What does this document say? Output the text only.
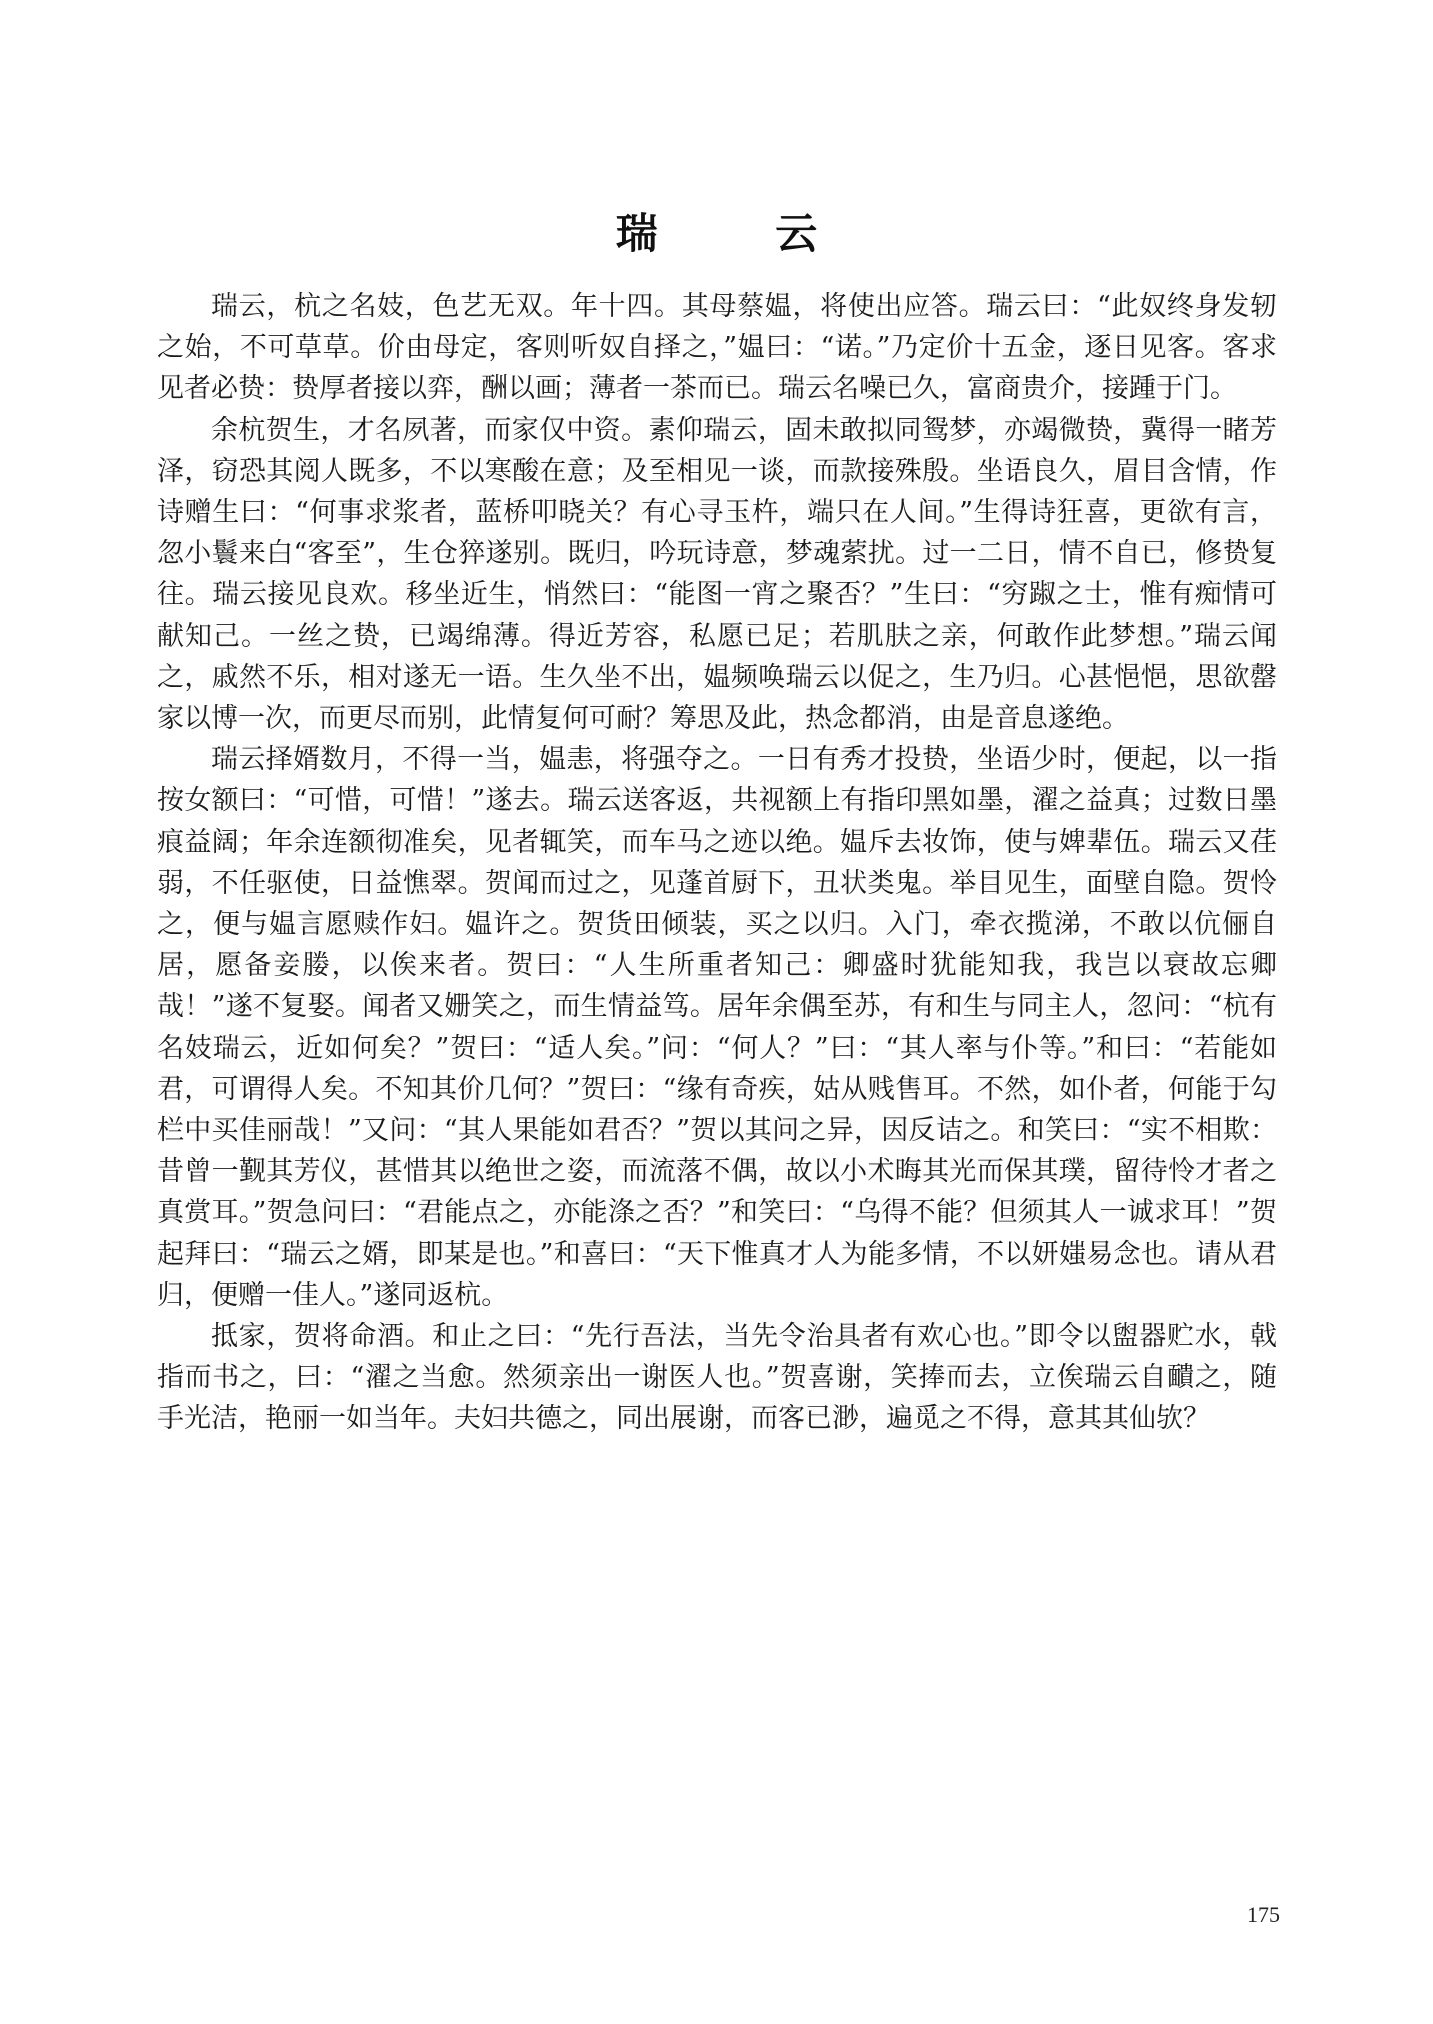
瑞　云

瑞云，杭之名妓，色艺无双。年十四。其母蔡媪，将使出应答。瑞云曰：“此奴终身发轫之始，不可草草。价由母定，客则听奴自择之，”媪曰：“诺。”乃定价十五金，逐日见客。客求见者必贽：贽厚者接以弈，酬以画；薄者一茶而已。瑞云名噪已久，富商贵介，接踵于门。

余杭贺生，才名夙著，而家仅中资。素仰瑞云，固未敢拟同鸳梦，亦竭微贽，冀得一睹芳泽，窃恐其阅人既多，不以寒酸在意；及至相见一谈，而款接殊殷。坐语良久，眉目含情，作诗赠生曰：“何事求浆者，蓝桥叩晓关？有心寻玉杵，端只在人间。”生得诗狂喜，更欲有言，忽小鬟来白“客至”，生仓猝遂别。既归，吟玩诗意，梦魂萦扰。过一二日，情不自已，修贽复往。瑞云接见良欢。移坐近生，悄然曰：“能图一宵之聚否？”生曰：“穷踧之士，惟有痴情可献知己。一丝之贽，已竭绵薄。得近芳容，私愿已足；若肌肤之亲，何敢作此梦想。”瑞云闻之，戚然不乐，相对遂无一语。生久坐不出，媪频唤瑞云以促之，生乃归。心甚悒悒，思欲罄家以博一次，而更尽而别，此情复何可耐？筹思及此，热念都消，由是音息遂绝。

瑞云择婿数月，不得一当，媪恚，将强夺之。一日有秀才投贽，坐语少时，便起，以一指按女额曰：“可惜，可惜！”遂去。瑞云送客返，共视额上有指印黑如墨，濯之益真；过数日墨痕益阔；年余连额彻准矣，见者辄笑，而车马之迹以绝。媪斥去妆饰，使与婢辈伍。瑞云又荏弱，不任驱使，日益憔翠。贺闻而过之，见蓬首厨下，丑状类鬼。举目见生，面壁自隐。贺怜之，便与媪言愿赎作妇。媪许之。贺货田倾装，买之以归。入门，牵衣揽涕，不敢以伉俪自居，愿备妾媵，以俟来者。贺曰：“人生所重者知己：卿盛时犹能知我，我岂以衰故忘卿哉！”遂不复娶。闻者又姗笑之，而生情益笃。居年余偶至苏，有和生与同主人，忽问：“杭有名妓瑞云，近如何矣？”贺曰：“适人矣。”问：“何人？”曰：“其人率与仆等。”和曰：“若能如君，可谓得人矣。不知其价几何？”贺曰：“缘有奇疾，姑从贱售耳。不然，如仆者，何能于勾栏中买佳丽哉！”又问：“其人果能如君否？”贺以其问之异，因反诘之。和笑曰：“实不相欺：昔曾一觐其芳仪，甚惜其以绝世之姿，而流落不偶，故以小术晦其光而保其璞，留待怜才者之真赏耳。”贺急问曰：“君能点之，亦能涤之否？”和笑曰：“乌得不能？但须其人一诚求耳！”贺起拜曰：“瑞云之婿，即某是也。”和喜曰：“天下惟真才人为能多情，不以妍媸易念也。请从君归，便赠一佳人。”遂同返杭。

抵家，贺将命酒。和止之曰：“先行吾法，当先令治具者有欢心也。”即令以盥器贮水，戟指而书之，曰：“濯之当愈。然须亲出一谢医人也。”贺喜谢，笑捧而去，立俟瑞云自靧之，随手光洁，艳丽一如当年。夫妇共德之，同出展谢，而客已渺，遍觅之不得，意其其仙欤？

175
